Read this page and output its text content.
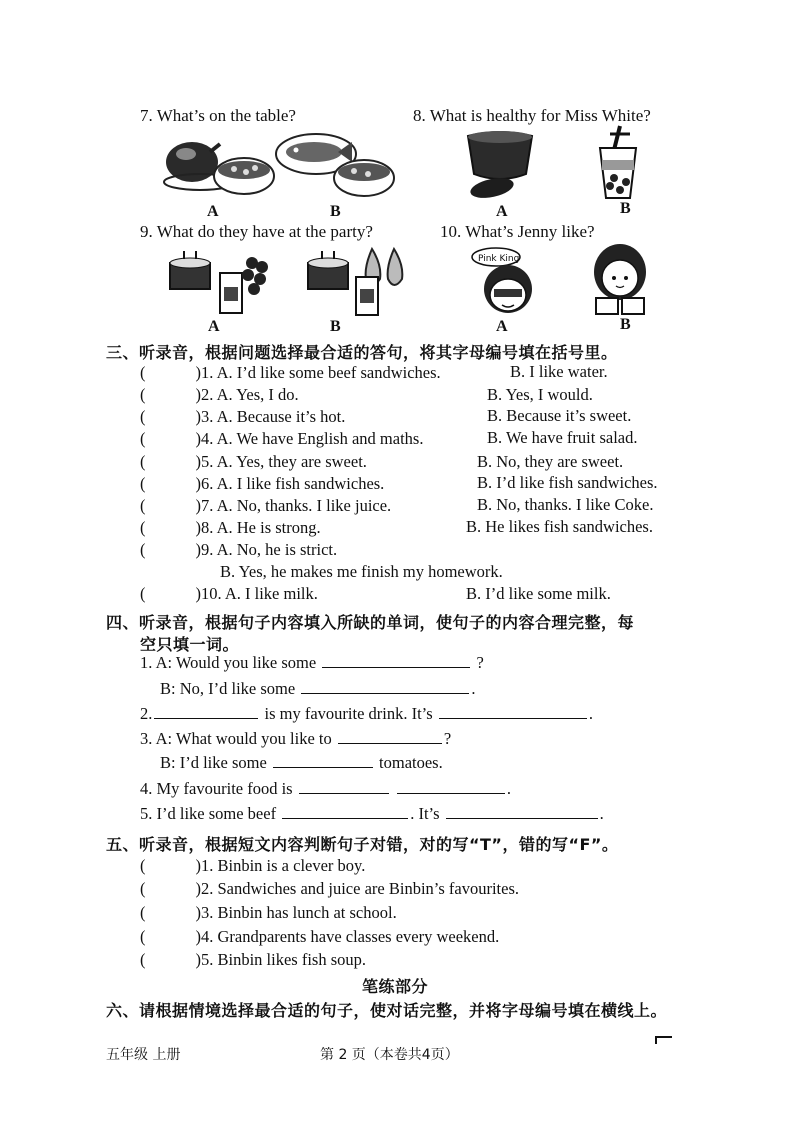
7. What’s on the table?	8. What is healthy for Miss White?
A	B	A	B
9. What do they have at the party?	10. What’s Jenny like?
Pink King
A	B	A	B
三、听录音，根据问题选择最合适的答句，将其字母编号填在括号里。
(	)1. A. I’d like some beef sandwiches.	B. I like water.
(	)2. A. Yes, I do.	B. Yes, I would.
(	)3. A. Because it’s hot.	B. Because it’s sweet.
(	)4. A. We have English and maths.	B. We have fruit salad.
(	)5. A. Yes, they are sweet.	B. No, they are sweet.
(	)6. A. I like fish sandwiches.	B. I’d like fish sandwiches.
(	)7. A. No, thanks. I like juice.	B. No, thanks. I like Coke.
(	)8. A. He is strong.	B. He likes fish sandwiches.
(	)9. A. No, he is strict.
B. Yes, he makes me finish my homework.
(	)10. A. I like milk.	B. I’d like some milk.
四、听录音，根据句子内容填入所缺的单词，使句子的内容合理完整，每
空只填一词。
1. A: Would you like some	?
B: No, I’d like some	.
2.	is my favourite drink. It’s	.
3. A: What would you like to	?
B: I’d like some	tomatoes.
4. My favourite food is	.
5. I’d like some beef	. It’s	.
五、听录音，根据短文内容判断句子对错，对的写“T”，错的写“F”。
(	)1. Binbin is a clever boy.
(	)2. Sandwiches and juice are Binbin’s favourites.
(	)3. Binbin has lunch at school.
(	)4. Grandparents have classes every weekend.
(	)5. Binbin likes fish soup.
笔练部分
六、请根据情境选择最合适的句子，使对话完整，并将字母编号填在横线上。
五年级 上册	第 2 页（本卷共4页）
